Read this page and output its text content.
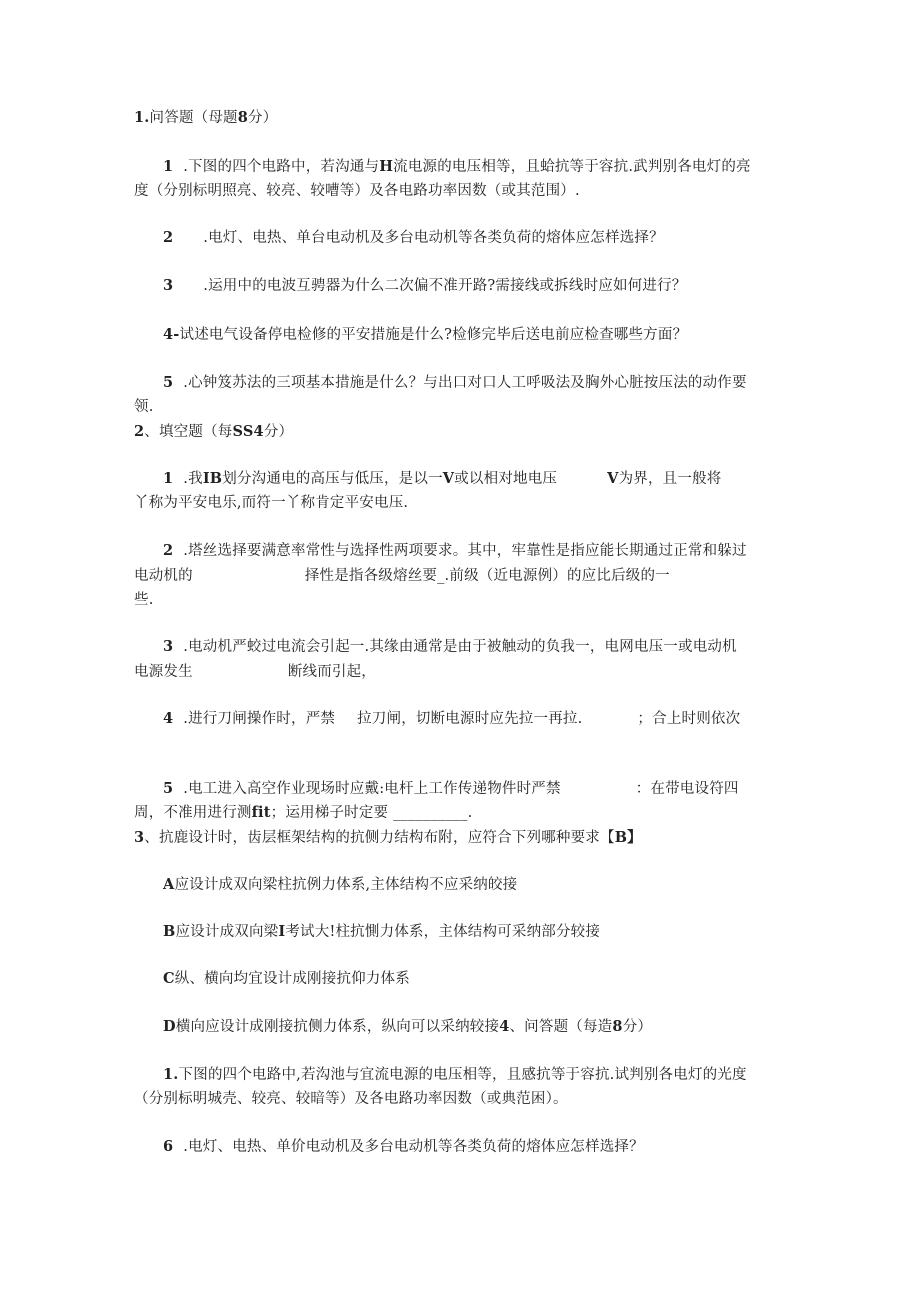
1.问答题（母题8分）
1 .下图的四个电路中，若沟通与H流电源的电压相等，且蛤抗等于容抗.武判别各电灯的亮
度（分别标明照亮、较亮、较嘈等）及各电路功率因数（或其范围）.
2 .电灯、电热、单台电动机及多台电动机等各类负荷的熔体应怎样选择？
3 .运用中的电波互骋器为什么二次偏不准开路?需接线或拆线时应如何进行？
4-试述电气设备停电检修的平安措施是什么?检修完毕后送电前应检查哪些方面？
5 .心钟笈苏法的三项基本措施是什么？与出口对口人工呼吸法及胸外心脏按压法的动作要
领.
2、填空题（每SS4分）
1 .我IB划分沟通电的高压与低压，是以一V或以相对地电压	V为界，且一般将
丫称为平安电乐,而符一丫称肯定平安电压.
2 .塔丝选择要满意率常性与选择性两项要求。其中，牢靠性是指应能长期通过正常和躲过
电动机的	择性是指各级熔丝要_.前级（近电源例）的应比后级的一
些.
3 .电动机严蛟过电流会引起一.其缘由通常是由于被触动的负我一，电网电压一或电动机
电源发生	断线而引起，
4 .进行刀闸操作时，严禁 拉刀闸，切断电源时应先拉一再拉.	；合上时则依次
5 .电工进入高空作业现场时应戴:电杆上工作传递物件时严禁	：在带电设符四
周，不准用进行测fit；运用梯子时定要 __________.
3、抗鹿设计时，齿层框架结构的抗侧力结构布附，应符合下列哪种要求【B】
A应设计成双向梁柱抗例力体系,主体结构不应采纳皎接
B应设计成双向梁I考试大!柱抗惻力体系，主体结构可采纳部分较接
C纵、横向均宜设计成刚接抗仰力体系
D横向应设计成刚接抗侧力体系，纵向可以采纳较接4、问答题（每造8分）
1.下图的四个电路中,若沟池与宜流电源的电压相等，且感抗等于容抗.试判别各电灯的光度
（分别标明城壳、较亮、较暗等）及各电路功率因数（或典范困）。
6 .电灯、电热、单价电动机及多台电动机等各类负荷的熔体应怎样选择？
